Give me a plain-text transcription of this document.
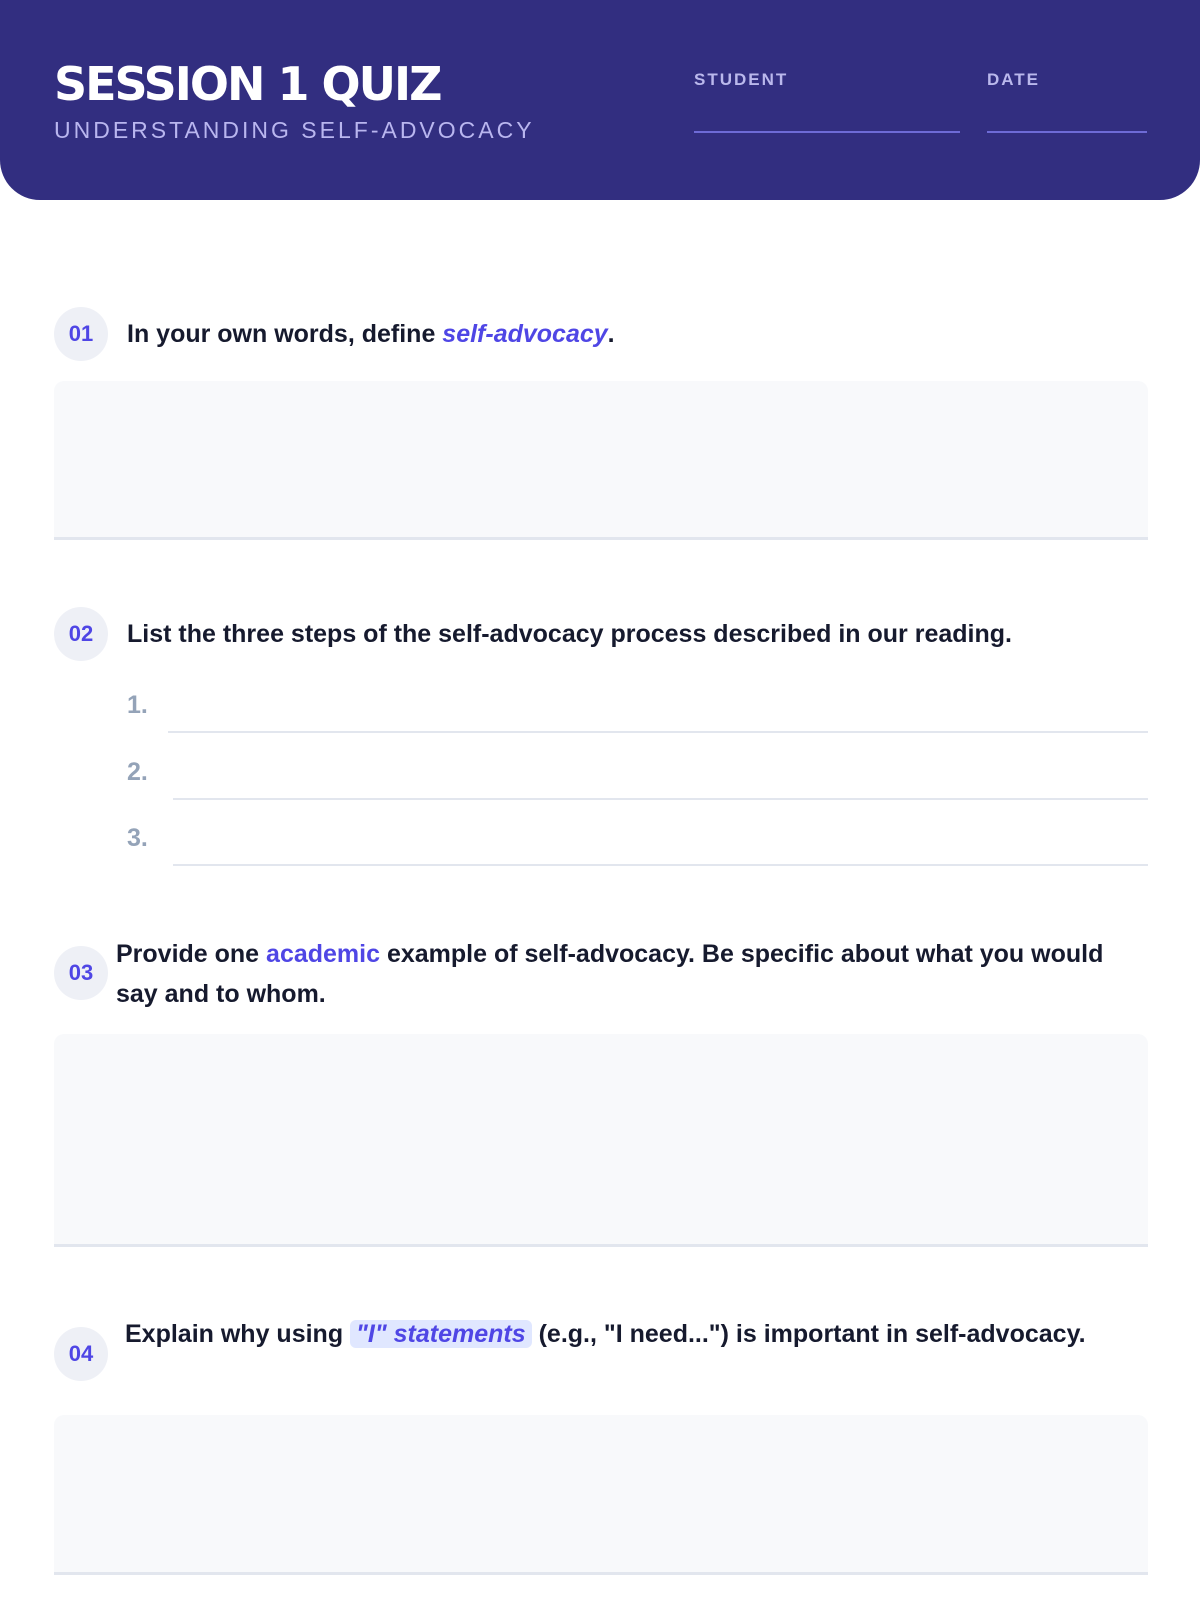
SESSION 1 QUIZ
UNDERSTANDING SELF-ADVOCACY
STUDENT	DATE
01	In your own words, define self-advocacy.
02	List the three steps of the self-advocacy process described in our reading.
1.
2.
3.
03
Provide one academic example of self-advocacy. Be specific about what you would say and to whom.
04
Explain why using "I" statements (e.g., "I need...") is important in self-advocacy.
